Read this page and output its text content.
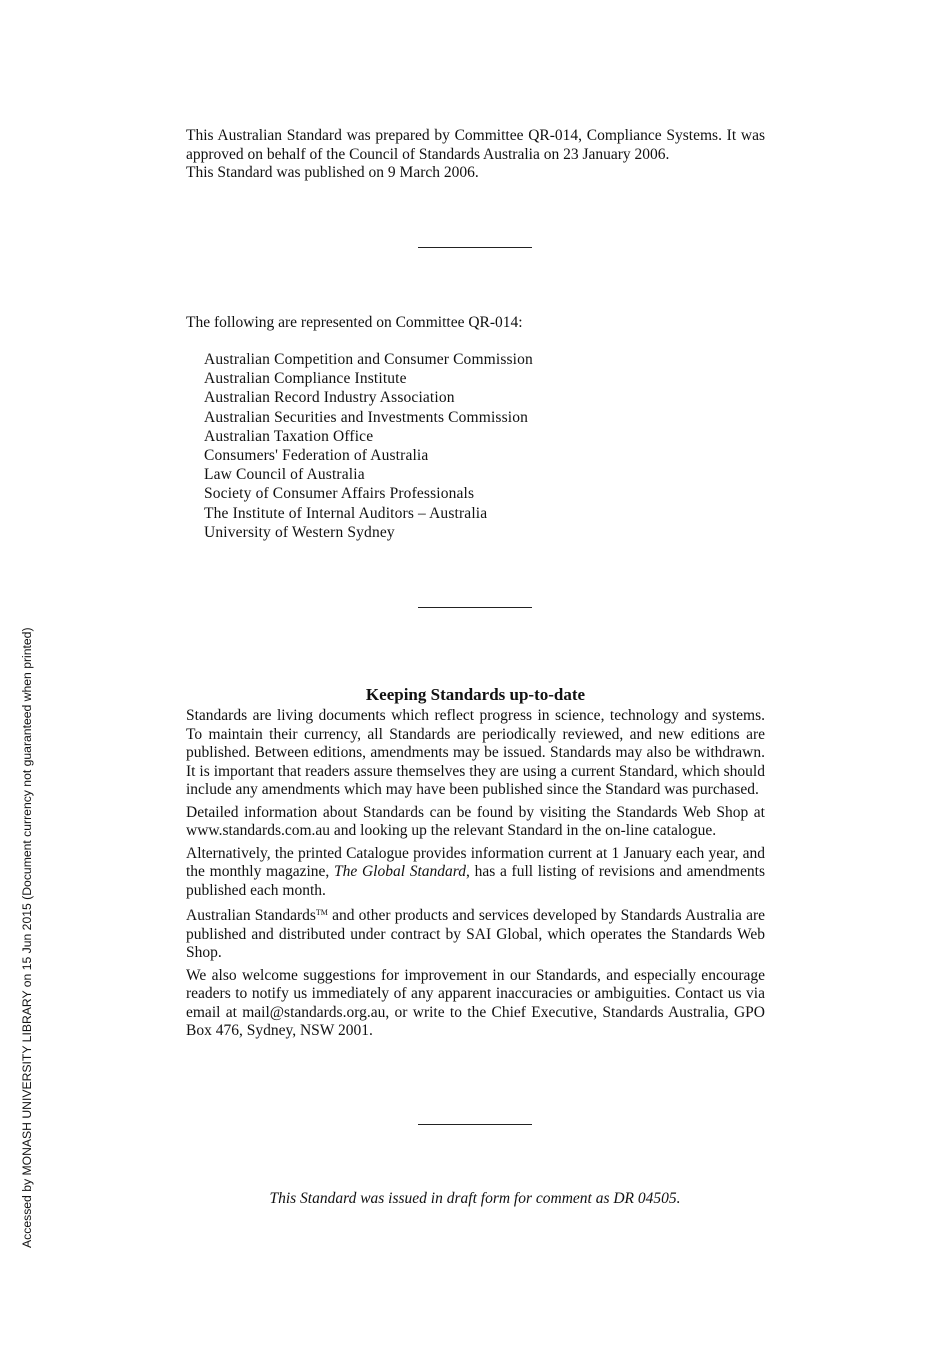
This Australian Standard was prepared by Committee QR-014, Compliance Systems. It was approved on behalf of the Council of Standards Australia on 23 January 2006.

This Standard was published on 9 March 2006.

The following are represented on Committee QR-014:

Australian Competition and Consumer Commission
Australian Compliance Institute
Australian Record Industry Association
Australian Securities and Investments Commission
Australian Taxation Office
Consumers' Federation of Australia
Law Council of Australia
Society of Consumer Affairs Professionals
The Institute of Internal Auditors – Australia
University of Western Sydney
Keeping Standards up-to-date

Standards are living documents which reflect progress in science, technology and systems. To maintain their currency, all Standards are periodically reviewed, and new editions are published. Between editions, amendments may be issued. Standards may also be withdrawn. It is important that readers assure themselves they are using a current Standard, which should include any amendments which may have been published since the Standard was purchased.

Detailed information about Standards can be found by visiting the Standards Web Shop at www.standards.com.au and looking up the relevant Standard in the on-line catalogue.

Alternatively, the printed Catalogue provides information current at 1 January each year, and the monthly magazine, The Global Standard, has a full listing of revisions and amendments published each month.

Australian Standards™ and other products and services developed by Standards Australia are published and distributed under contract by SAI Global, which operates the Standards Web Shop.

We also welcome suggestions for improvement in our Standards, and especially encourage readers to notify us immediately of any apparent inaccuracies or ambiguities. Contact us via email at mail@standards.org.au, or write to the Chief Executive, Standards Australia, GPO Box 476, Sydney, NSW 2001.

This Standard was issued in draft form for comment as DR 04505.
Accessed by MONASH UNIVERSITY LIBRARY on 15 Jun 2015 (Document currency not guaranteed when printed)
